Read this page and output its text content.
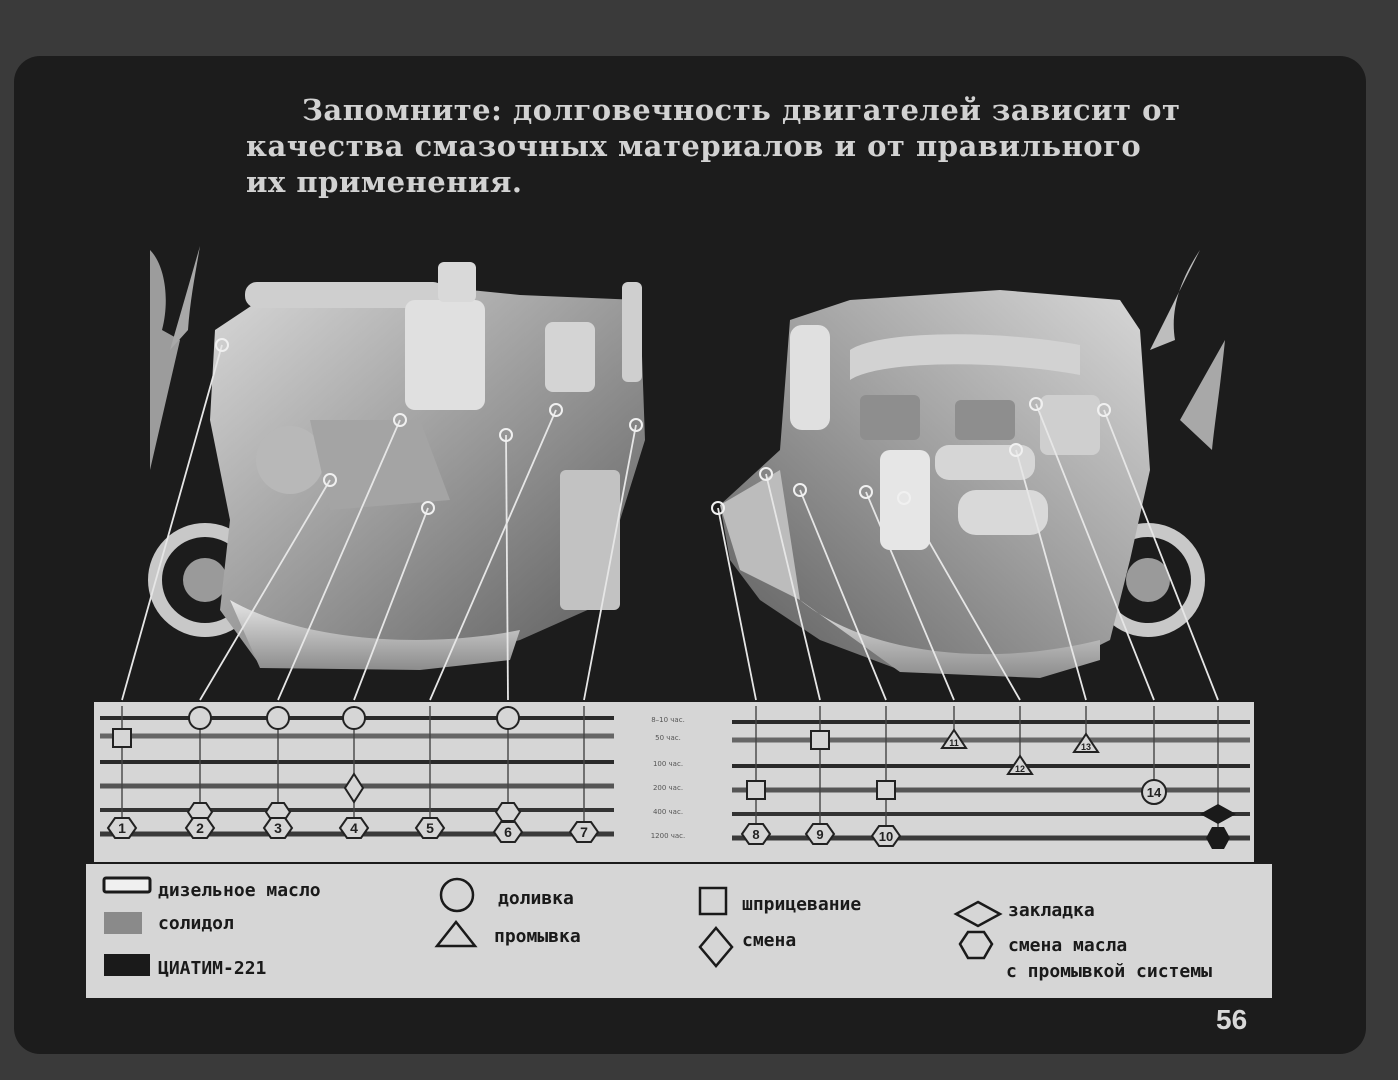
Запомните: долговечность двигателей зависит от
качества смазочных материалов и от правильного
их применения.
8–10 час.
50 час.
100 час.
200 час.
400 час.
1200 час.
1	2	3	4	5	6	7	8	9	10
11
12
13
14
дизельное масло
солидол
ЦИАТИМ-221
доливка
промывка
шприцевание
смена
закладка
смена масла
с промывкой системы
56
